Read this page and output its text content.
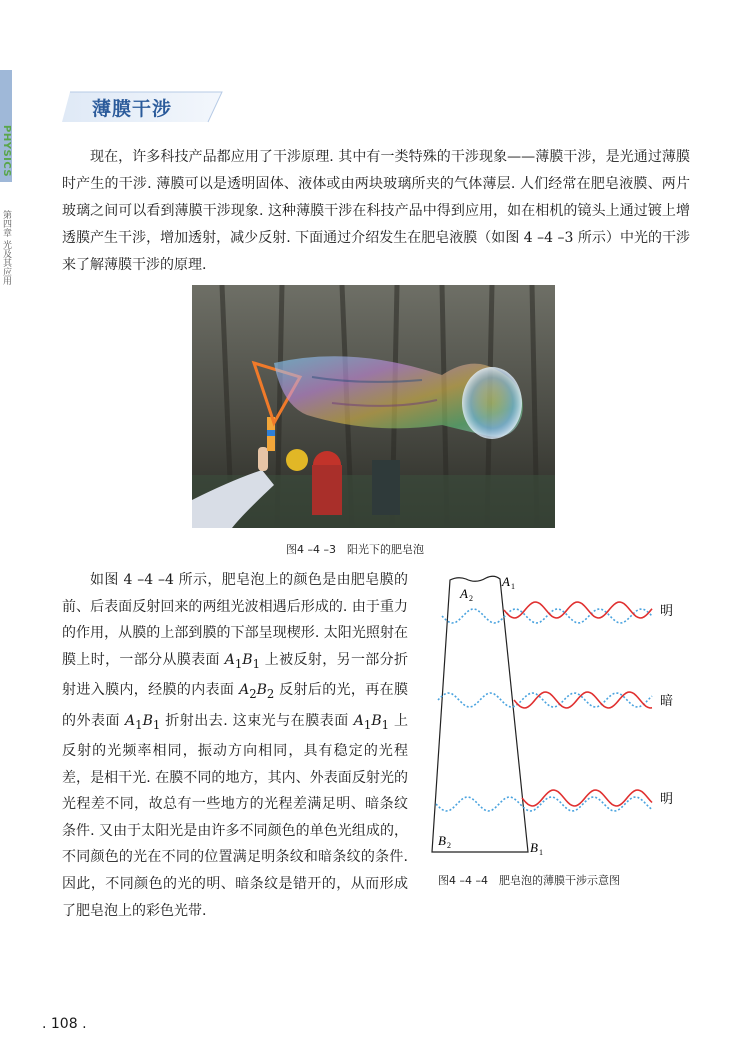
PHYSICS
第四章 光及其应用
薄膜干涉

现在，许多科技产品都应用了干涉原理. 其中有一类特殊的干涉现象——薄膜干涉，是光通过薄膜时产生的干涉. 薄膜可以是透明固体、液体或由两块玻璃所夹的气体薄层. 人们经常在肥皂液膜、两片玻璃之间可以看到薄膜干涉现象. 这种薄膜干涉在科技产品中得到应用，如在相机的镜头上通过镀上增透膜产生干涉，增加透射，减少反射. 下面通过介绍发生在肥皂液膜（如图 4 –4 –3 所示）中光的干涉来了解薄膜干涉的原理.

图4 –4 –3　阳光下的肥皂泡

如图 4 –4 –4 所示，肥皂泡上的颜色是由肥皂膜的前、后表面反射回来的两组光波相遇后形成的. 由于重力的作用，从膜的上部到膜的下部呈现楔形. 太阳光照射在膜上时，一部分从膜表面 $A_1B_1$ 上被反射，另一部分折射进入膜内，经膜的内表面 $A_2B_2$ 反射后的光，再在膜的外表面 $A_1B_1$ 折射出去. 这束光与在膜表面 $A_1B_1$ 上反射的光频率相同，振动方向相同，具有稳定的光程差，是相干光. 在膜不同的地方，其内、外表面反射光的光程差不同，故总有一些地方的光程差满足明、暗条纹条件. 又由于太阳光是由许多不同颜色的单色光组成的，不同颜色的光在不同的位置满足明条纹和暗条纹的条件. 因此，不同颜色的光的明、暗条纹是错开的，从而形成了肥皂泡上的彩色光带.

A 1
A 2
B 2	B 1
明
暗
明
图4 –4 –4　肥皂泡的薄膜干涉示意图
. 108 .
